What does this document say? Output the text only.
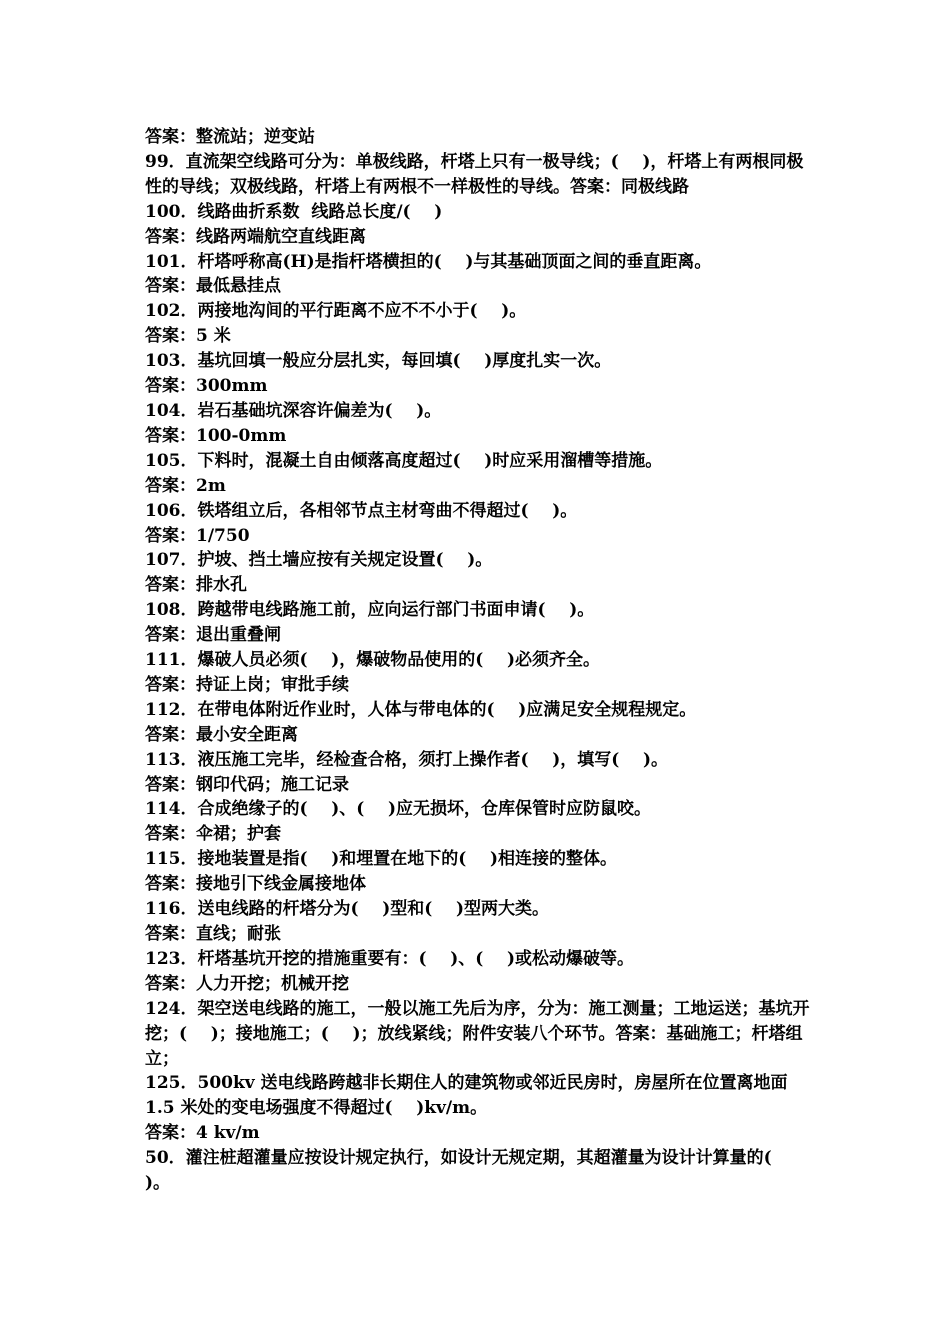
答案：整流站；逆变站

99．直流架空线路可分为：单极线路，杆塔上只有一极导线；(    )，杆塔上有两根同极性的导线；双极线路，杆塔上有两根不一样极性的导线。答案：同极线路

100．线路曲折系数  线路总长度/(    )

答案：线路两端航空直线距离

101．杆塔呼称高(H)是指杆塔横担的(    )与其基础顶面之间的垂直距离。

答案：最低悬挂点

102．两接地沟间的平行距离不应不不小于(    )。

答案：5 米

103．基坑回填一般应分层扎实，每回填(    )厚度扎实一次。

答案：300mm

104．岩石基础坑深容许偏差为(    )。

答案：100-0mm

105．下料时，混凝土自由倾落高度超过(    )时应采用溜槽等措施。

答案：2m

106．铁塔组立后，各相邻节点主材弯曲不得超过(    )。

答案：1/750

107．护坡、挡土墙应按有关规定设置(    )。

答案：排水孔

108．跨越带电线路施工前，应向运行部门书面申请(    )。

答案：退出重叠闸

111．爆破人员必须(    )，爆破物品使用的(    )必须齐全。

答案：持证上岗；审批手续

112．在带电体附近作业时，人体与带电体的(    )应满足安全规程规定。

答案：最小安全距离

113．液压施工完毕，经检查合格，须打上操作者(    )，填写(    )。

答案：钢印代码；施工记录

114．合成绝缘子的(    )、(    )应无损坏，仓库保管时应防鼠咬。

答案：伞裙；护套

115．接地装置是指(    )和埋置在地下的(    )相连接的整体。

答案：接地引下线金属接地体

116．送电线路的杆塔分为(    )型和(    )型两大类。

答案：直线；耐张

123．杆塔基坑开挖的措施重要有：(    )、(    )或松动爆破等。

答案：人力开挖；机械开挖

124．架空送电线路的施工，一般以施工先后为序，分为：施工测量；工地运送；基坑开挖；(    )；接地施工；(    )；放线紧线；附件安装八个环节。答案：基础施工；杆塔组立；

125．500kv 送电线路跨越非长期住人的建筑物或邻近民房时，房屋所在位置离地面  1.5 米处的变电场强度不得超过(    )kv/m。

答案：4 kv/m

50．灌注桩超灌量应按设计规定执行，如设计无规定期，其超灌量为设计计算量的(    )。
